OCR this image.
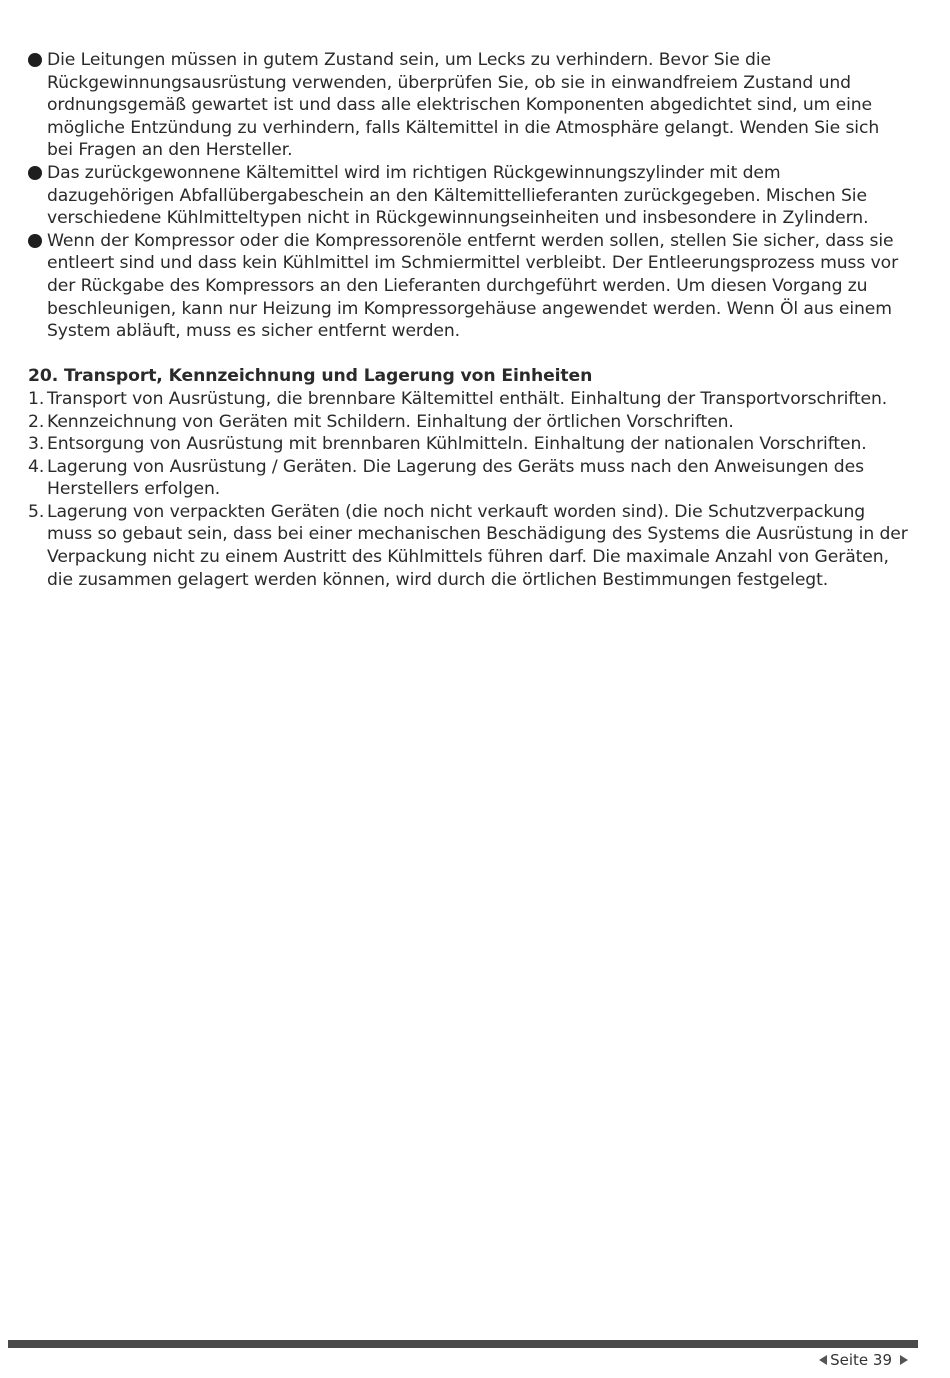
Die Leitungen müssen in gutem Zustand sein, um Lecks zu verhindern. Bevor Sie die Rückgewinnungsausrüstung verwenden, überprüfen Sie, ob sie in einwandfreiem Zustand und ordnungsgemäß gewartet ist und dass alle elektrischen Komponenten abgedichtet sind, um eine mögliche Entzündung zu verhindern, falls Kältemittel in die Atmosphäre gelangt. Wenden Sie sich bei Fragen an den Hersteller.
Das zurückgewonnene Kältemittel wird im richtigen Rückgewinnungszylinder mit dem dazugehörigen Abfallübergabeschein an den Kältemittellieferanten zurückgegeben. Mischen Sie verschiedene Kühlmitteltypen nicht in Rückgewinnungseinheiten und insbesondere in Zylindern.
Wenn der Kompressor oder die Kompressorenöle entfernt werden sollen, stellen Sie sicher, dass sie entleert sind und dass kein Kühlmittel im Schmiermittel verbleibt. Der Entleerungsprozess muss vor der Rückgabe des Kompressors an den Lieferanten durchgeführt werden. Um diesen Vorgang zu beschleunigen, kann nur Heizung im Kompressorgehäuse angewendet werden. Wenn Öl aus einem System abläuft, muss es sicher entfernt werden.
20. Transport, Kennzeichnung und Lagerung von Einheiten
1. Transport von Ausrüstung, die brennbare Kältemittel enthält. Einhaltung der Transportvorschriften.
2. Kennzeichnung von Geräten mit Schildern. Einhaltung der örtlichen Vorschriften.
3. Entsorgung von Ausrüstung mit brennbaren Kühlmitteln. Einhaltung der nationalen Vorschriften.
4. Lagerung von Ausrüstung / Geräten. Die Lagerung des Geräts muss nach den Anweisungen des Herstellers erfolgen.
5. Lagerung von verpackten Geräten (die noch nicht verkauft worden sind). Die Schutzverpackung muss so gebaut sein, dass bei einer mechanischen Beschädigung des Systems die Ausrüstung in der Verpackung nicht zu einem Austritt des Kühlmittels führen darf. Die maximale Anzahl von Geräten, die zusammen gelagert werden können, wird durch die örtlichen Bestimmungen festgelegt.
Seite 39
